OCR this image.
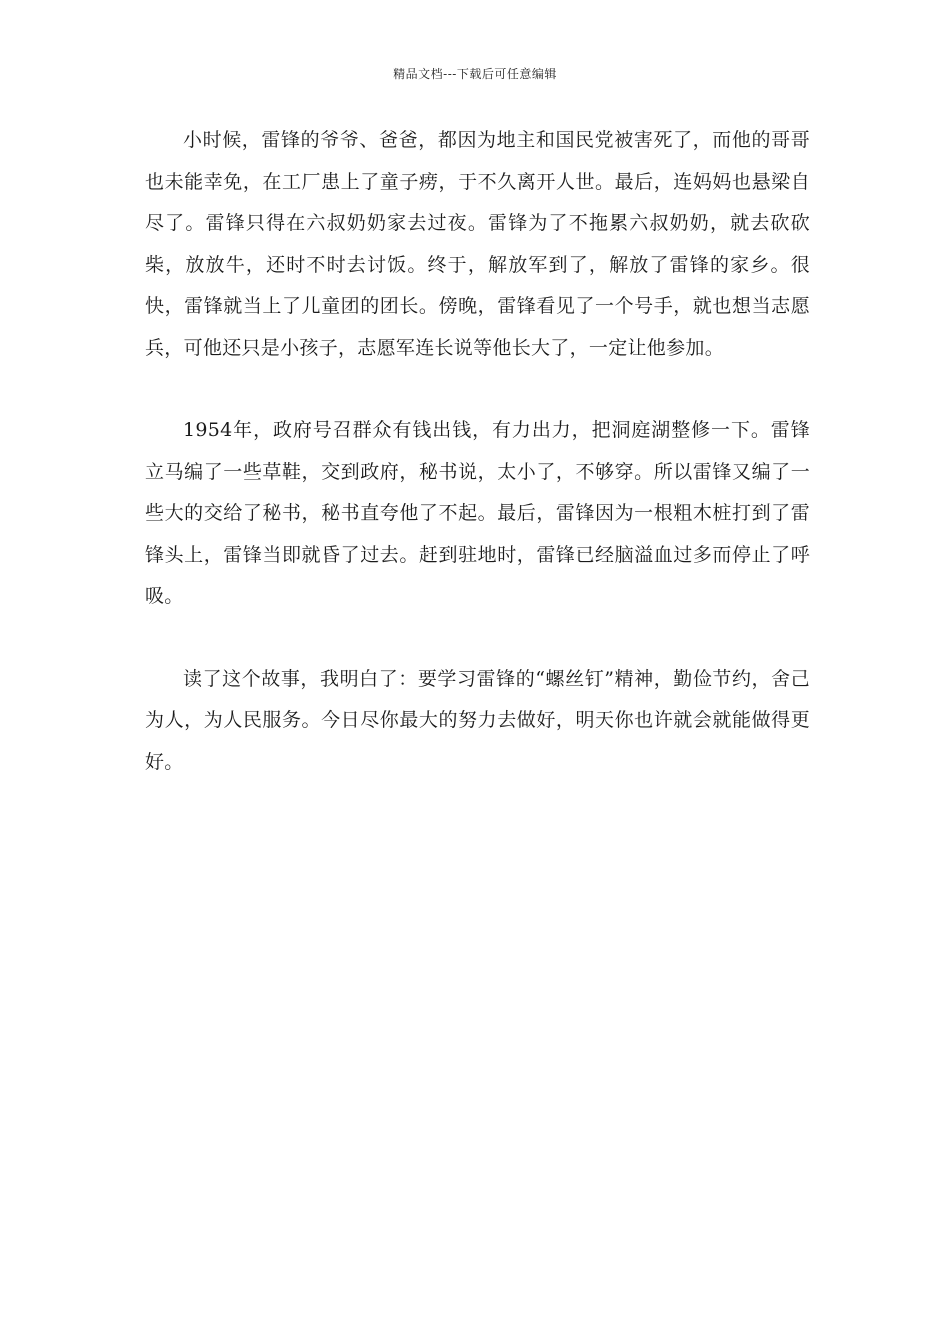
精品文档---下载后可任意编辑

小时候，雷锋的爷爷、爸爸，都因为地主和国民党被害死了，而他的哥哥也未能幸免，在工厂患上了童子痨，于不久离开人世。最后，连妈妈也悬梁自尽了。雷锋只得在六叔奶奶家去过夜。雷锋为了不拖累六叔奶奶，就去砍砍柴，放放牛，还时不时去讨饭。终于，解放军到了，解放了雷锋的家乡。很快，雷锋就当上了儿童团的团长。傍晚，雷锋看见了一个号手，就也想当志愿兵，可他还只是小孩子，志愿军连长说等他长大了，一定让他参加。

1954年，政府号召群众有钱出钱，有力出力，把洞庭湖整修一下。雷锋立马编了一些草鞋，交到政府，秘书说，太小了，不够穿。所以雷锋又编了一些大的交给了秘书，秘书直夸他了不起。最后，雷锋因为一根粗木桩打到了雷锋头上，雷锋当即就昏了过去。赶到驻地时，雷锋已经脑溢血过多而停止了呼吸。

读了这个故事，我明白了：要学习雷锋的“螺丝钉”精神，勤俭节约，舍己为人，为人民服务。今日尽你最大的努力去做好，明天你也许就会就能做得更好。
